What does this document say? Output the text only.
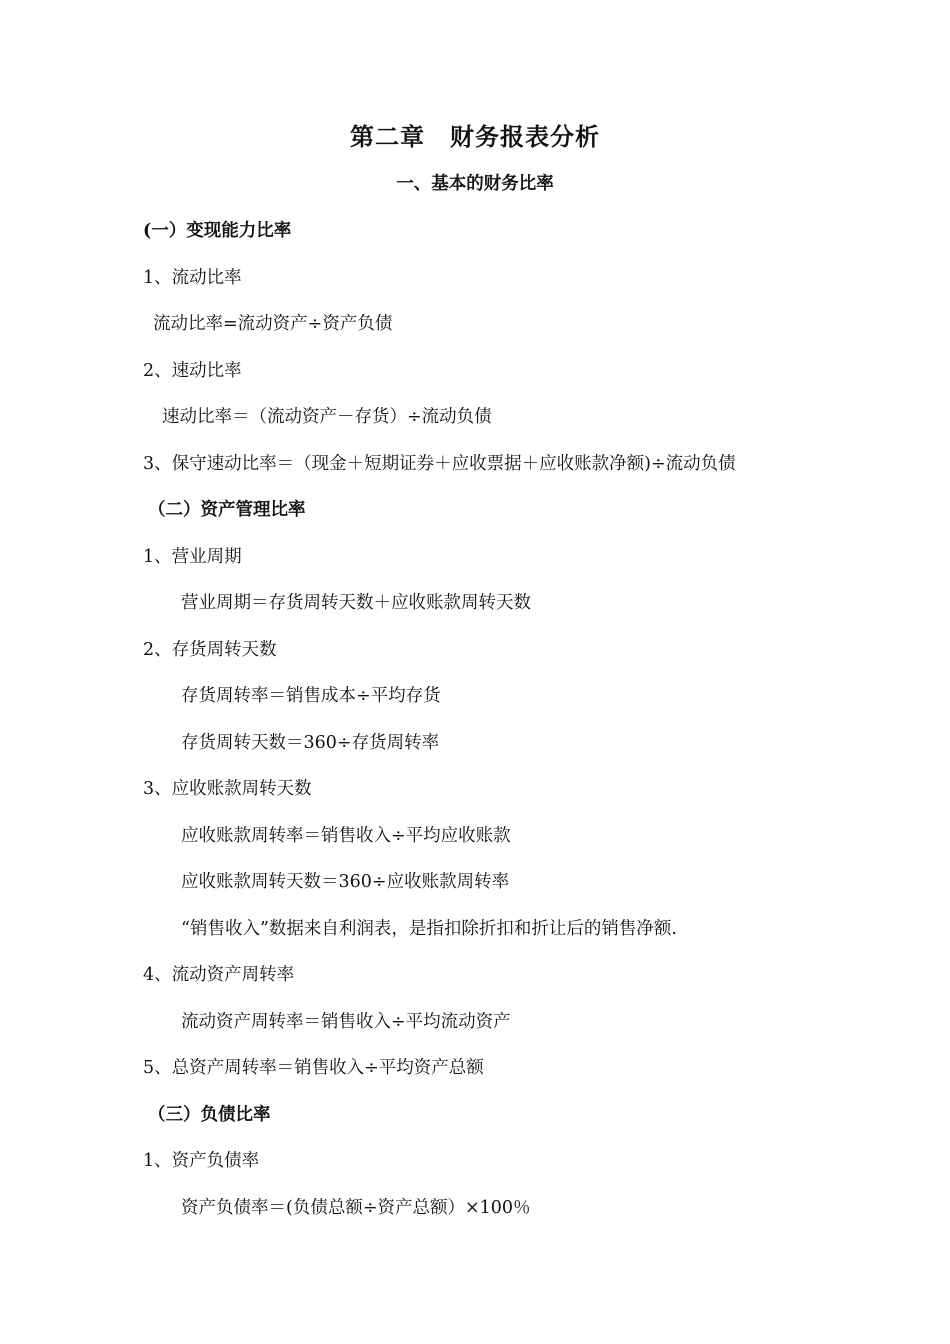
第二章　财务报表分析
一、基本的财务比率
(一）变现能力比率
1、流动比率
流动比率=流动资产÷资产负债
2、速动比率
速动比率＝（流动资产－存货）÷流动负债
3、保守速动比率＝（现金＋短期证券＋应收票据＋应收账款净额)÷流动负债
（二）资产管理比率
1、营业周期
营业周期＝存货周转天数＋应收账款周转天数
2、存货周转天数
存货周转率＝销售成本÷平均存货
存货周转天数＝360÷存货周转率
3、应收账款周转天数
应收账款周转率＝销售收入÷平均应收账款
应收账款周转天数＝360÷应收账款周转率
“销售收入”数据来自利润表，是指扣除折扣和折让后的销售净额.
4、流动资产周转率
流动资产周转率＝销售收入÷平均流动资产
5、总资产周转率＝销售收入÷平均资产总额
（三）负债比率
1、资产负债率
资产负债率＝(负债总额÷资产总额）×100％
